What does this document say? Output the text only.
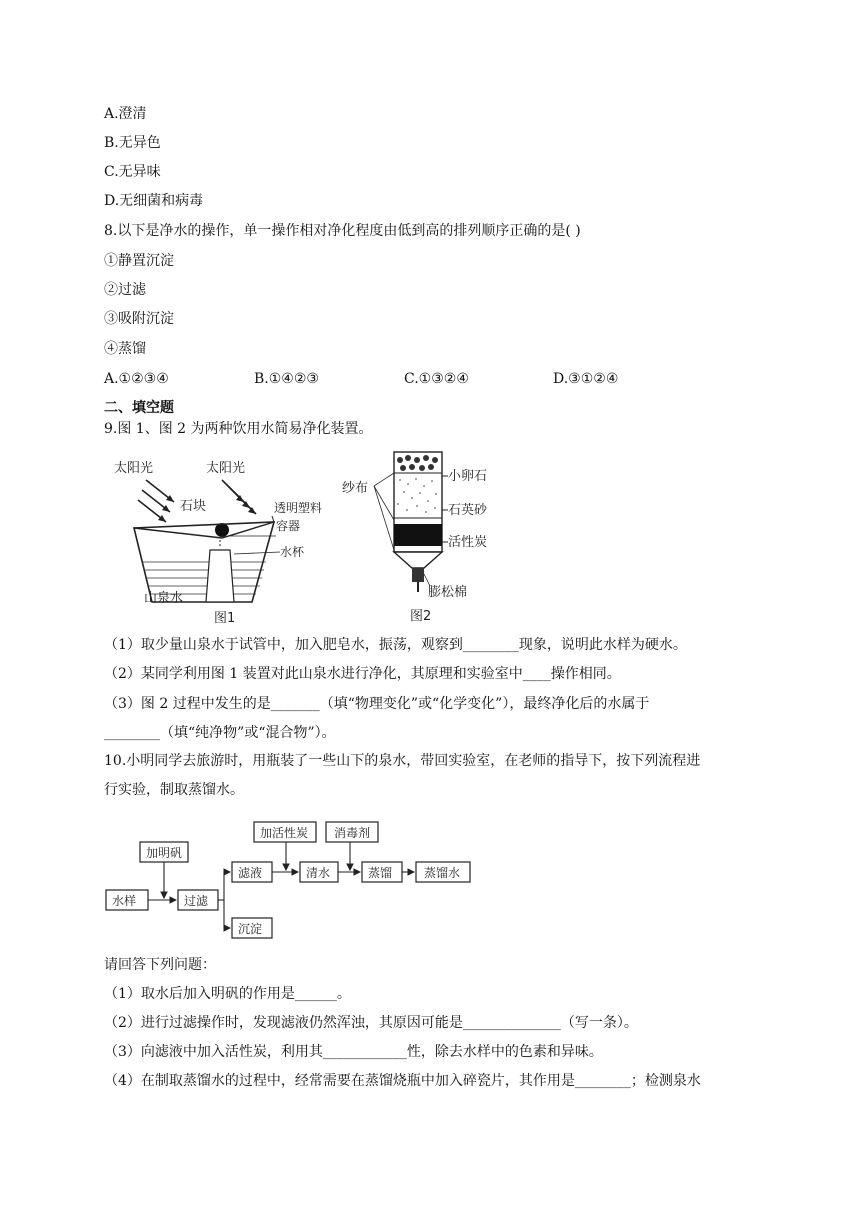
A.澄清
B.无异色
C.无异味
D.无细菌和病毒
8.以下是净水的操作，单一操作相对净化程度由低到高的排列顺序正确的是( )
①静置沉淀
②过滤
③吸附沉淀
④蒸馏
A.①②③④	B.①④②③	C.①③②④	D.③①②④
二、填空题
9.图 1、图 2 为两种饮用水简易净化装置。
太阳光	太阳光
石块	透明塑料
容器
水杯
山泉水
图1
纱布
小卵石
石英砂
活性炭
膨松棉
图2
（1）取少量山泉水于试管中，加入肥皂水，振荡，观察到________现象，说明此水样为硬水。
（2）某同学利用图 1 装置对此山泉水进行净化，其原理和实验室中____操作相同。
（3）图 2 过程中发生的是_______（填“物理变化”或“化学变化”），最终净化后的水属于
________（填“纯净物”或“混合物”）。
10.小明同学去旅游时，用瓶装了一些山下的泉水，带回实验室，在老师的指导下，按下列流程进
行实验，制取蒸馏水。
水样
加明矾
过滤
滤液
沉淀
加活性炭 消毒剂
清水	蒸馏	蒸馏水
请回答下列问题：
（1）取水后加入明矾的作用是______。
（2）进行过滤操作时，发现滤液仍然浑浊，其原因可能是______________（写一条）。
（3）向滤液中加入活性炭，利用其____________性，除去水样中的色素和异味。
（4）在制取蒸馏水的过程中，经常需要在蒸馏烧瓶中加入碎瓷片，其作用是________；检测泉水
